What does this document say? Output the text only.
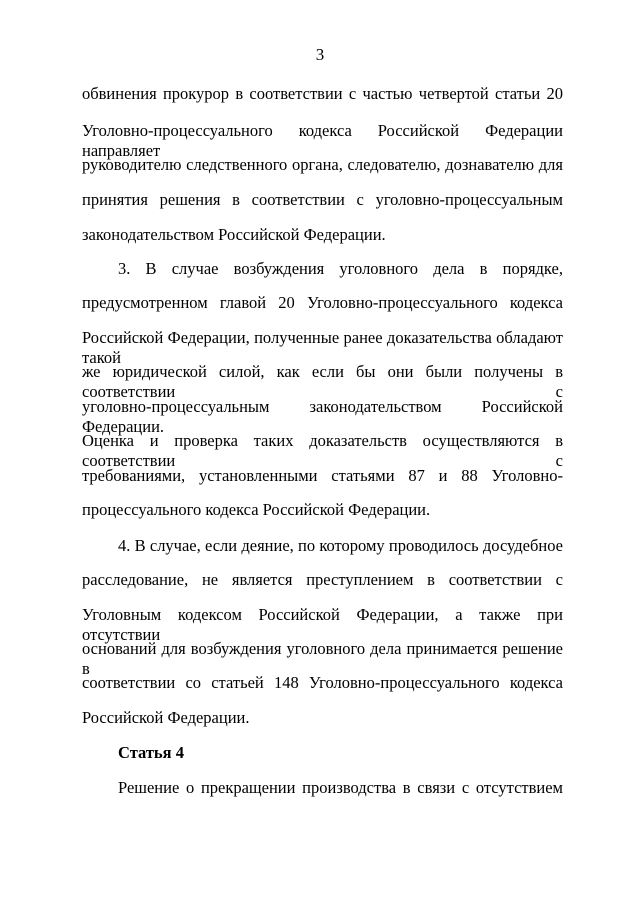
3
обвинения прокурор в соответствии с частью четвертой статьи 20
Уголовно-процессуального кодекса Российской Федерации направляет
руководителю следственного органа, следователю, дознавателю для
принятия решения в соответствии с уголовно-процессуальным
законодательством Российской Федерации.
3. В случае возбуждения уголовного дела в порядке,
предусмотренном главой 20 Уголовно-процессуального кодекса
Российской Федерации, полученные ранее доказательства обладают такой
же юридической силой, как если бы они были получены в соответствии с
уголовно-процессуальным законодательством Российской Федерации.
Оценка и проверка таких доказательств осуществляются в соответствии с
требованиями, установленными статьями 87 и 88 Уголовно-
процессуального кодекса Российской Федерации.
4. В случае, если деяние, по которому проводилось досудебное
расследование, не является преступлением в соответствии с
Уголовным кодексом Российской Федерации, а также при отсутствии
оснований для возбуждения уголовного дела принимается решение в
соответствии со статьей 148 Уголовно-процессуального кодекса
Российской Федерации.
Статья 4
Решение о прекращении производства в связи с отсутствием
